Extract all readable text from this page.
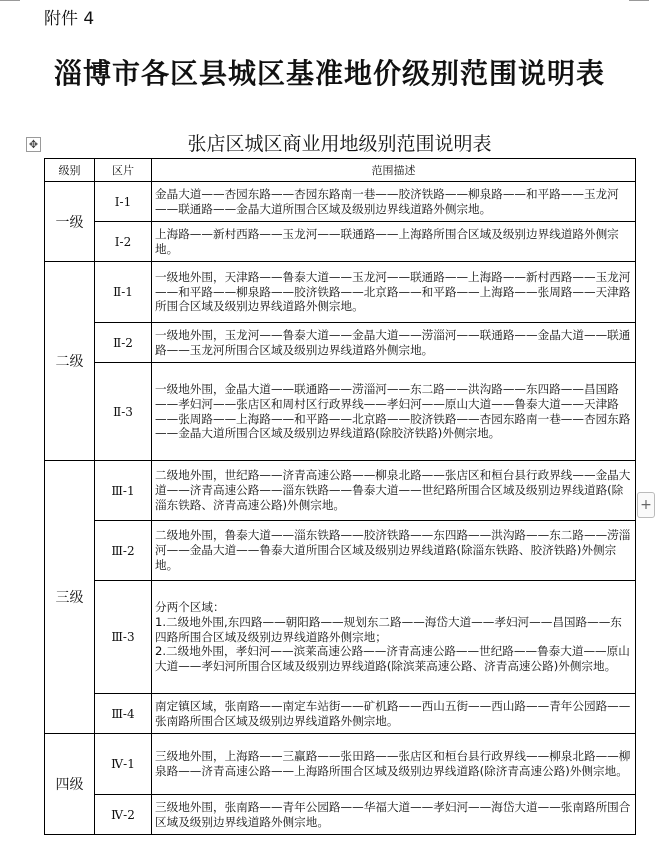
附件 4
淄博市各区县城区基准地价级别范围说明表
✥	张店区城区商业用地级别范围说明表
+
级别	区片	范围描述
一级	Ⅰ-1	金晶大道——杏园东路——杏园东路南一巷——胶济铁路——柳泉路——和平路——玉龙河——联通路——金晶大道所围合区域及级别边界线道路外侧宗地。
	Ⅰ-2	上海路——新村西路——玉龙河——联通路——上海路所围合区域及级别边界线道路外侧宗地。
二级	Ⅱ-1	一级地外围，天津路——鲁泰大道——玉龙河——联通路——上海路——新村西路——玉龙河——和平路——柳泉路——胶济铁路——北京路——和平路——上海路——张周路——天津路所围合区域及级别边界线道路外侧宗地。
	Ⅱ-2	一级地外围，玉龙河——鲁泰大道——金晶大道——涝淄河——联通路——金晶大道——联通路——玉龙河所围合区域及级别边界线道路外侧宗地。
	Ⅱ-3	一级地外围，金晶大道——联通路——涝淄河——东二路——洪沟路——东四路——昌国路——孝妇河——张店区和周村区行政界线——孝妇河——原山大道——鲁泰大道——天津路——张周路——上海路——和平路——北京路——胶济铁路——杏园东路南一巷——杏园东路——金晶大道所围合区域及级别边界线道路(除胶济铁路)外侧宗地。
三级	Ⅲ-1	二级地外围，世纪路——济青高速公路——柳泉北路——张店区和桓台县行政界线——金晶大道——济青高速公路——淄东铁路——鲁泰大道——世纪路所围合区域及级别边界线道路(除淄东铁路、济青高速公路)外侧宗地。
	Ⅲ-2	二级地外围，鲁泰大道——淄东铁路——胶济铁路——东四路——洪沟路——东二路——涝淄河——金晶大道——鲁泰大道所围合区域及级别边界线道路(除淄东铁路、胶济铁路)外侧宗地。
	Ⅲ-3	分两个区域：
1.二级地外围,东四路——朝阳路——规划东二路——海岱大道——孝妇河——昌国路——东四路所围合区域及级别边界线道路外侧宗地；
2.二级地外围，孝妇河——滨莱高速公路——济青高速公路——世纪路——鲁泰大道——原山大道——孝妇河所围合区域及级别边界线道路(除滨莱高速公路、济青高速公路)外侧宗地。
	Ⅲ-4	南定镇区域，张南路——南定车站街——矿机路——西山五街——西山路——青年公园路——张南路所围合区域及级别边界线道路外侧宗地。
四级	Ⅳ-1	三级地外围，上海路——三赢路——张田路——张店区和桓台县行政界线——柳泉北路——柳泉路——济青高速公路——上海路所围合区域及级别边界线道路(除济青高速公路)外侧宗地。
	Ⅳ-2	三级地外围，张南路——青年公园路——华福大道——孝妇河——海岱大道——张南路所围合区域及级别边界线道路外侧宗地。
